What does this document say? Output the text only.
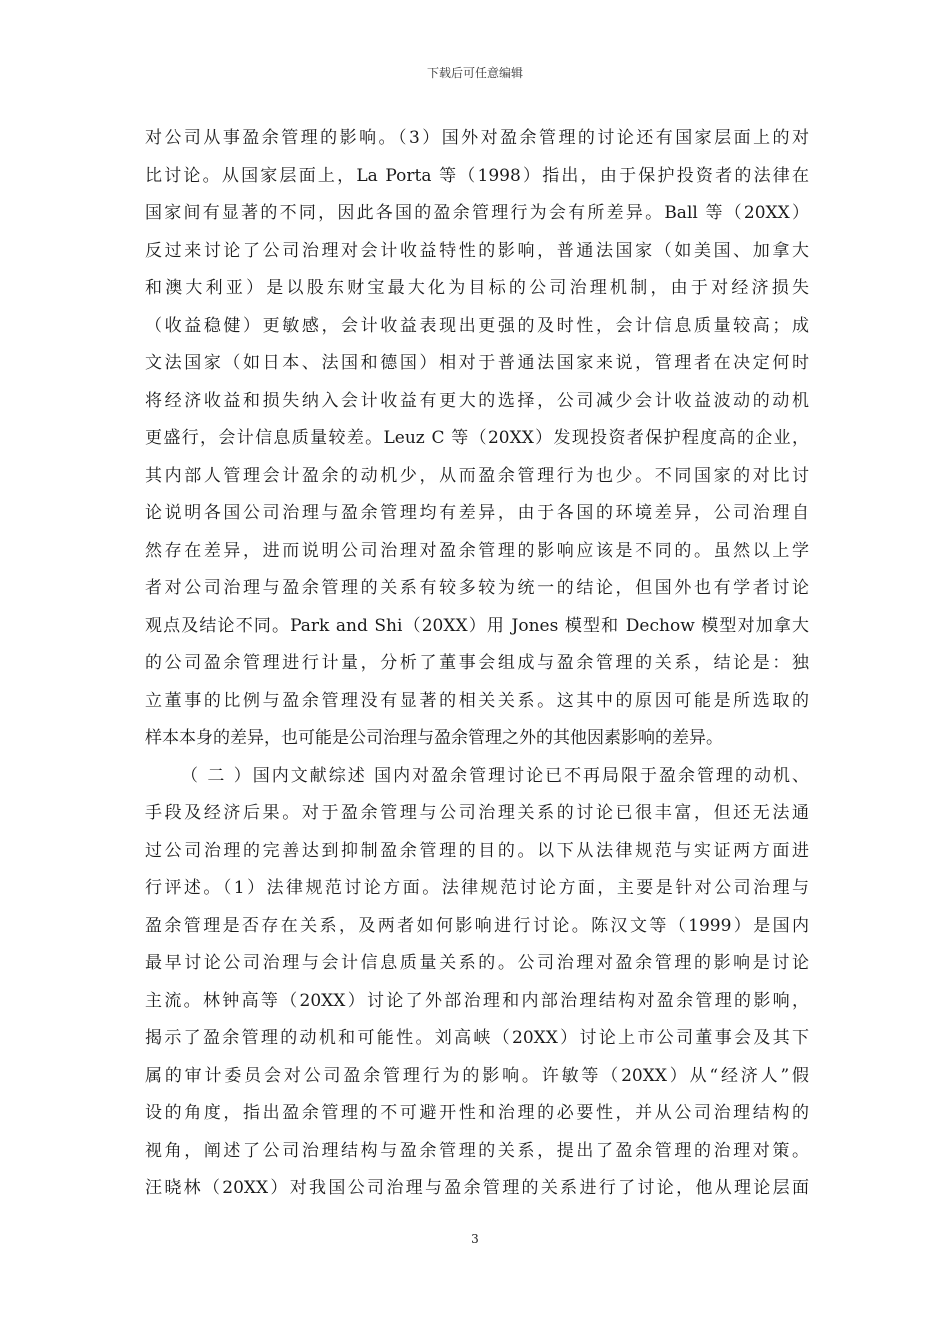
下载后可任意编辑
对公司从事盈余管理的影响。（3）国外对盈余管理的讨论还有国家层面上的对
比讨论。从国家层面上，La Porta 等（1998）指出，由于保护投资者的法律在
国家间有显著的不同，因此各国的盈余管理行为会有所差异。Ball 等（20XX）
反过来讨论了公司治理对会计收益特性的影响，普通法国家（如美国、加拿大
和澳大利亚）是以股东财宝最大化为目标的公司治理机制，由于对经济损失
（收益稳健）更敏感，会计收益表现出更强的及时性，会计信息质量较高；成
文法国家（如日本、法国和德国）相对于普通法国家来说，管理者在决定何时
将经济收益和损失纳入会计收益有更大的选择，公司减少会计收益波动的动机
更盛行，会计信息质量较差。Leuz C 等（20XX）发现投资者保护程度高的企业，
其内部人管理会计盈余的动机少，从而盈余管理行为也少。不同国家的对比讨
论说明各国公司治理与盈余管理均有差异，由于各国的环境差异，公司治理自
然存在差异，进而说明公司治理对盈余管理的影响应该是不同的。虽然以上学
者对公司治理与盈余管理的关系有较多较为统一的结论，但国外也有学者讨论
观点及结论不同。Park and Shi（20XX）用 Jones 模型和 Dechow 模型对加拿大
的公司盈余管理进行计量，分析了董事会组成与盈余管理的关系，结论是：独
立董事的比例与盈余管理没有显著的相关关系。这其中的原因可能是所选取的
样本本身的差异，也可能是公司治理与盈余管理之外的其他因素影响的差异。
（ 二 ）国内文献综述 国内对盈余管理讨论已不再局限于盈余管理的动机、
手段及经济后果。对于盈余管理与公司治理关系的讨论已很丰富，但还无法通
过公司治理的完善达到抑制盈余管理的目的。以下从法律规范与实证两方面进
行评述。（1）法律规范讨论方面。法律规范讨论方面，主要是针对公司治理与
盈余管理是否存在关系，及两者如何影响进行讨论。陈汉文等（1999）是国内
最早讨论公司治理与会计信息质量关系的。公司治理对盈余管理的影响是讨论
主流。林钟高等（20XX）讨论了外部治理和内部治理结构对盈余管理的影响，
揭示了盈余管理的动机和可能性。刘高峡（20XX）讨论上市公司董事会及其下
属的审计委员会对公司盈余管理行为的影响。许敏等（20XX）从“经济人”假
设的角度，指出盈余管理的不可避开性和治理的必要性，并从公司治理结构的
视角，阐述了公司治理结构与盈余管理的关系，提出了盈余管理的治理对策。
汪晓林（20XX）对我国公司治理与盈余管理的关系进行了讨论，他从理论层面
3
